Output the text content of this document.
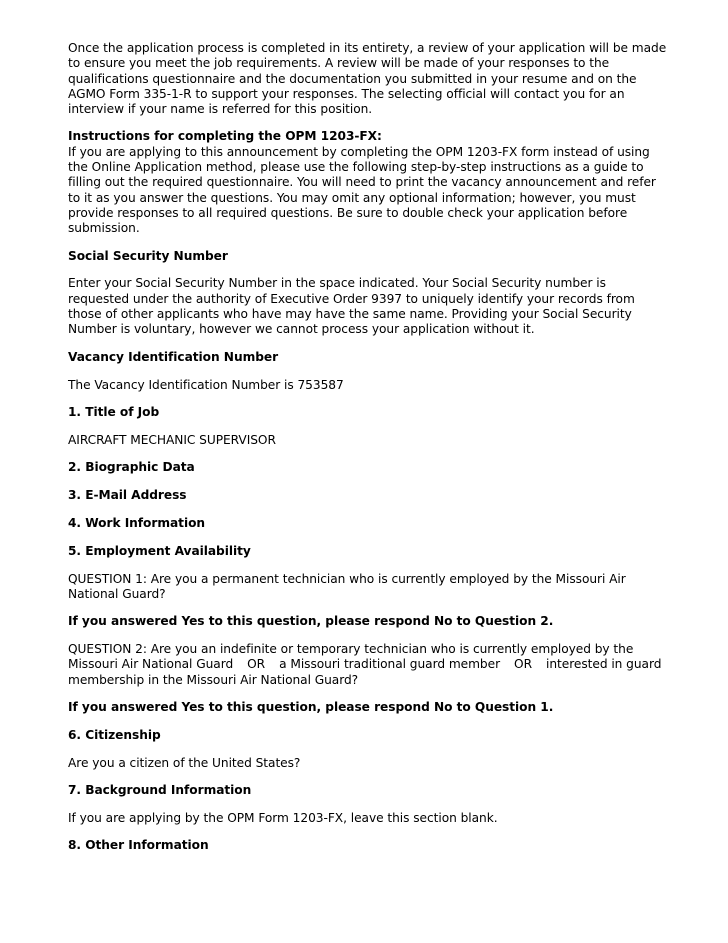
Once the application process is completed in its entirety, a review of your application will be made to ensure you meet the job requirements. A review will be made of your responses to the qualifications questionnaire and the documentation you submitted in your resume and on the AGMO Form 335-1-R to support your responses. The selecting official will contact you for an interview if your name is referred for this position.

Instructions for completing the OPM 1203-FX:

If you are applying to this announcement by completing the OPM 1203-FX form instead of using the Online Application method, please use the following step-by-step instructions as a guide to filling out the required questionnaire. You will need to print the vacancy announcement and refer to it as you answer the questions. You may omit any optional information; however, you must provide responses to all required questions. Be sure to double check your application before submission.

Social Security Number

Enter your Social Security Number in the space indicated. Your Social Security number is requested under the authority of Executive Order 9397 to uniquely identify your records from those of other applicants who have may have the same name. Providing your Social Security Number is voluntary, however we cannot process your application without it.

Vacancy Identification Number

The Vacancy Identification Number is 753587

1. Title of Job

AIRCRAFT MECHANIC SUPERVISOR

2. Biographic Data

3. E-Mail Address

4. Work Information

5. Employment Availability

QUESTION 1: Are you a permanent technician who is currently employed by the Missouri Air National Guard?

If you answered Yes to this question, please respond No to Question 2.

QUESTION 2: Are you an indefinite or temporary technician who is currently employed by the Missouri Air National Guard OR a Missouri traditional guard member OR interested in guard membership in the Missouri Air National Guard?

If you answered Yes to this question, please respond No to Question 1.

6. Citizenship

Are you a citizen of the United States?

7. Background Information

If you are applying by the OPM Form 1203-FX, leave this section blank.

8. Other Information
